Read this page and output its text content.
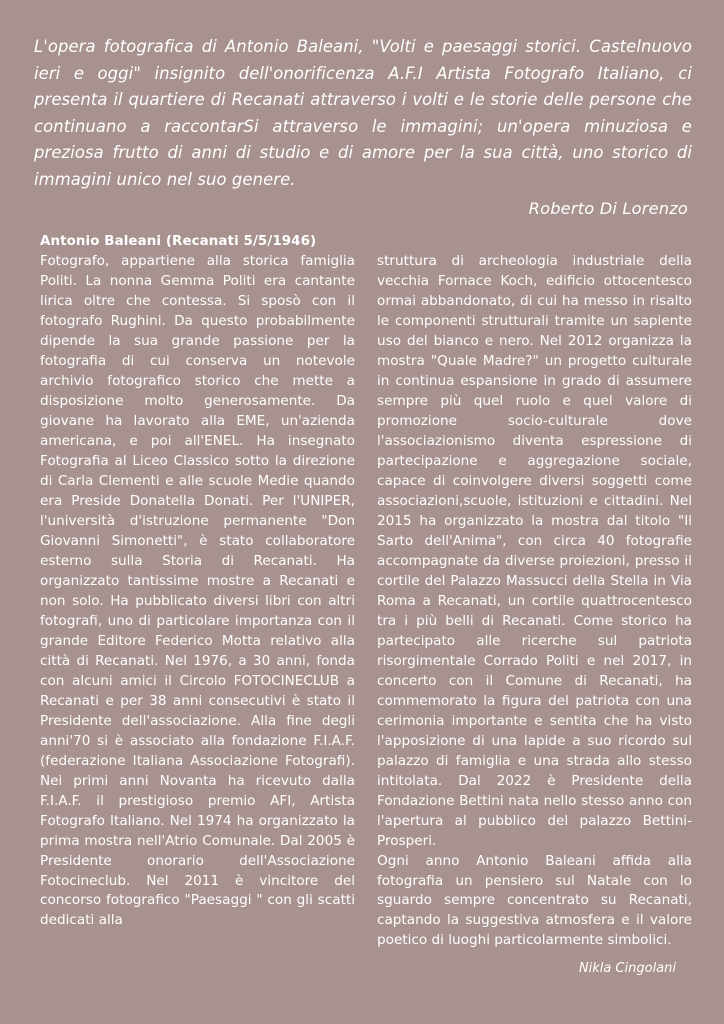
L'opera fotografica di Antonio Baleani, "Volti e paesaggi storici. Castelnuovo ieri e oggi" insignito dell'onorificenza A.F.I Artista Fotografo Italiano, ci presenta il quartiere di Recanati attraverso i volti e le storie delle persone che continuano a raccontarSi attraverso le immagini; un'opera minuziosa e preziosa frutto di anni di studio e di amore per la sua città, uno storico di immagini unico nel suo genere.

Roberto Di Lorenzo
Antonio Baleani (Recanati 5/5/1946)

Fotografo, appartiene alla storica famiglia Politi. La nonna Gemma Politi era cantante lirica oltre che contessa. Si sposò con il fotografo Rughini. Da questo probabilmente dipende la sua grande passione per la fotografia di cui conserva un notevole archivio fotografico storico che mette a disposizione molto generosamente. Da giovane ha lavorato alla EME, un'azienda americana, e poi all'ENEL. Ha insegnato Fotografia al Liceo Classico sotto la direzione di Carla Clementi e alle scuole Medie quando era Preside Donatella Donati. Per l'UNIPER, l'università d'istruzione permanente "Don Giovanni Simonetti", è stato collaboratore esterno sulla Storia di Recanati. Ha organizzato tantissime mostre a Recanati e non solo. Ha pubblicato diversi libri con altri fotografi, uno di particolare importanza con il grande Editore Federico Motta relativo alla città di Recanati. Nel 1976, a 30 anni, fonda con alcuni amici il Circolo FOTOCINECLUB a Recanati e per 38 anni consecutivi è stato il Presidente dell'associazione. Alla fine degli anni'70 si è associato alla fondazione F.I.A.F. (federazione Italiana Associazione Fotografi). Nei primi anni Novanta ha ricevuto dalla F.I.A.F. il prestigioso premio AFI, Artista Fotografo Italiano. Nel 1974 ha organizzato la prima mostra nell'Atrio Comunale. Dal 2005 è Presidente onorario dell'Associazione Fotocineclub. Nel 2011 è vincitore del concorso fotografico "Paesaggi " con gli scatti dedicati alla

struttura di archeologia industriale della vecchia Fornace Koch, edificio ottocentesco ormai abbandonato, di cui ha messo in risalto le componenti strutturali tramite un sapiente uso del bianco e nero. Nel 2012 organizza la mostra "Quale Madre?" un progetto culturale in continua espansione in grado di assumere sempre più quel ruolo e quel valore di promozione socio-culturale dove l'associazionismo diventa espressione di partecipazione e aggregazione sociale, capace di coinvolgere diversi soggetti come associazioni,scuole, istituzioni e cittadini. Nel 2015 ha organizzato la mostra dal titolo "Il Sarto dell'Anima", con circa 40 fotografie accompagnate da diverse proiezioni, presso il cortile del Palazzo Massucci della Stella in Via Roma a Recanati, un cortile quattrocentesco tra i più belli di Recanati. Come storico ha partecipato alle ricerche sul patriota risorgimentale Corrado Politi e nel 2017, in concerto con il Comune di Recanati, ha commemorato la figura del patriota con una cerimonia importante e sentita che ha visto l'apposizione di una lapide a suo ricordo sul palazzo di famiglia e una strada allo stesso intitolata. Dal 2022 è Presidente della Fondazione Bettini nata nello stesso anno con l'apertura al pubblico del palazzo Bettini-Prosperi.

Ogni anno Antonio Baleani affida alla fotografia un pensiero sul Natale con lo sguardo sempre concentrato su Recanati, captando la suggestiva atmosfera e il valore poetico di luoghi particolarmente simbolici.

Nikla Cingolani
